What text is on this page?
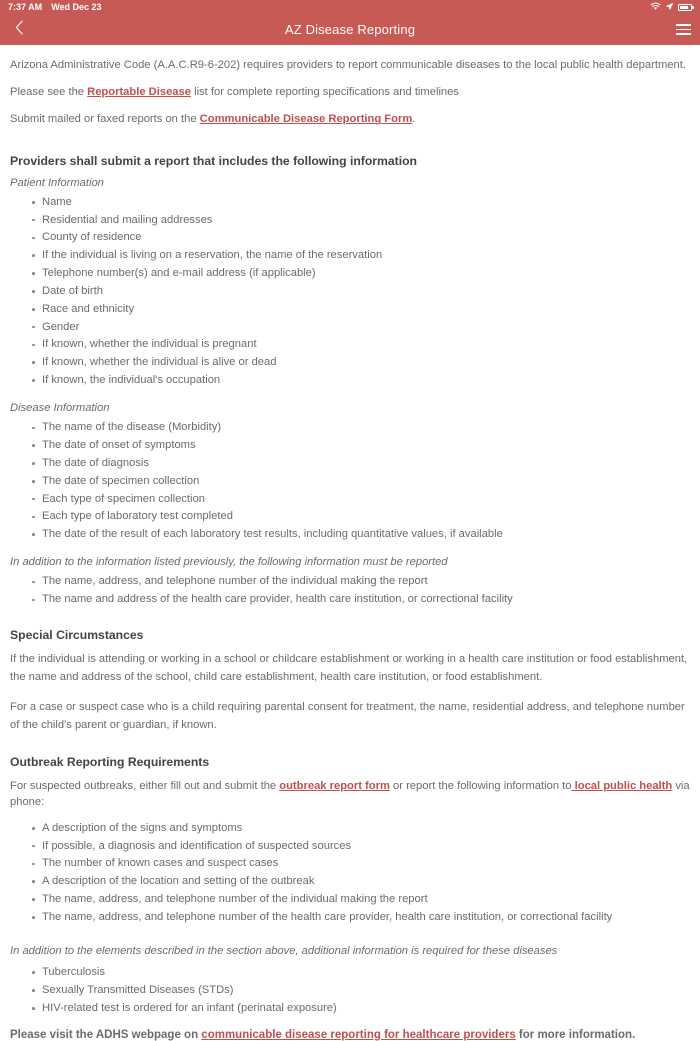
7:37 AM Wed Dec 23
AZ Disease Reporting

Arizona Administrative Code (A.A.C.R9-6-202) requires providers to report communicable diseases to the local public health department.

Please see the Reportable Disease list for complete reporting specifications and timelines

Submit mailed or faxed reports on the Communicable Disease Reporting Form.

Providers shall submit a report that includes the following information
Patient Information
Name
Residential and mailing addresses
County of residence
If the individual is living on a reservation, the name of the reservation
Telephone number(s) and e-mail address (if applicable)
Date of birth
Race and ethnicity
Gender
If known, whether the individual is pregnant
If known, whether the individual is alive or dead
If known, the individual's occupation
Disease Information
The name of the disease (Morbidity)
The date of onset of symptoms
The date of diagnosis
The date of specimen collection
Each type of specimen collection
Each type of laboratory test completed
The date of the result of each laboratory test results, including quantitative values, if available
In addition to the information listed previously, the following information must be reported
The name, address, and telephone number of the individual making the report
The name and address of the health care provider, health care institution, or correctional facility
Special Circumstances

If the individual is attending or working in a school or childcare establishment or working in a health care institution or food establishment, the name and address of the school, child care establishment, health care institution, or food establishment.

For a case or suspect case who is a child requiring parental consent for treatment, the name, residential address, and telephone number of the child's parent or guardian, if known.

Outbreak Reporting Requirements

For suspected outbreaks, either fill out and submit the outbreak report form or report the following information to local public health via phone:

A description of the signs and symptoms
If possible, a diagnosis and identification of suspected sources
The number of known cases and suspect cases
A description of the location and setting of the outbreak
The name, address, and telephone number of the individual making the report
The name, address, and telephone number of the health care provider, health care institution, or correctional facility

In addition to the elements described in the section above, additional information is required for these diseases

Tuberculosis
Sexually Transmitted Diseases (STDs)
HIV-related test is ordered for an infant (perinatal exposure)

Please visit the ADHS webpage on communicable disease reporting for healthcare providers for more information.
